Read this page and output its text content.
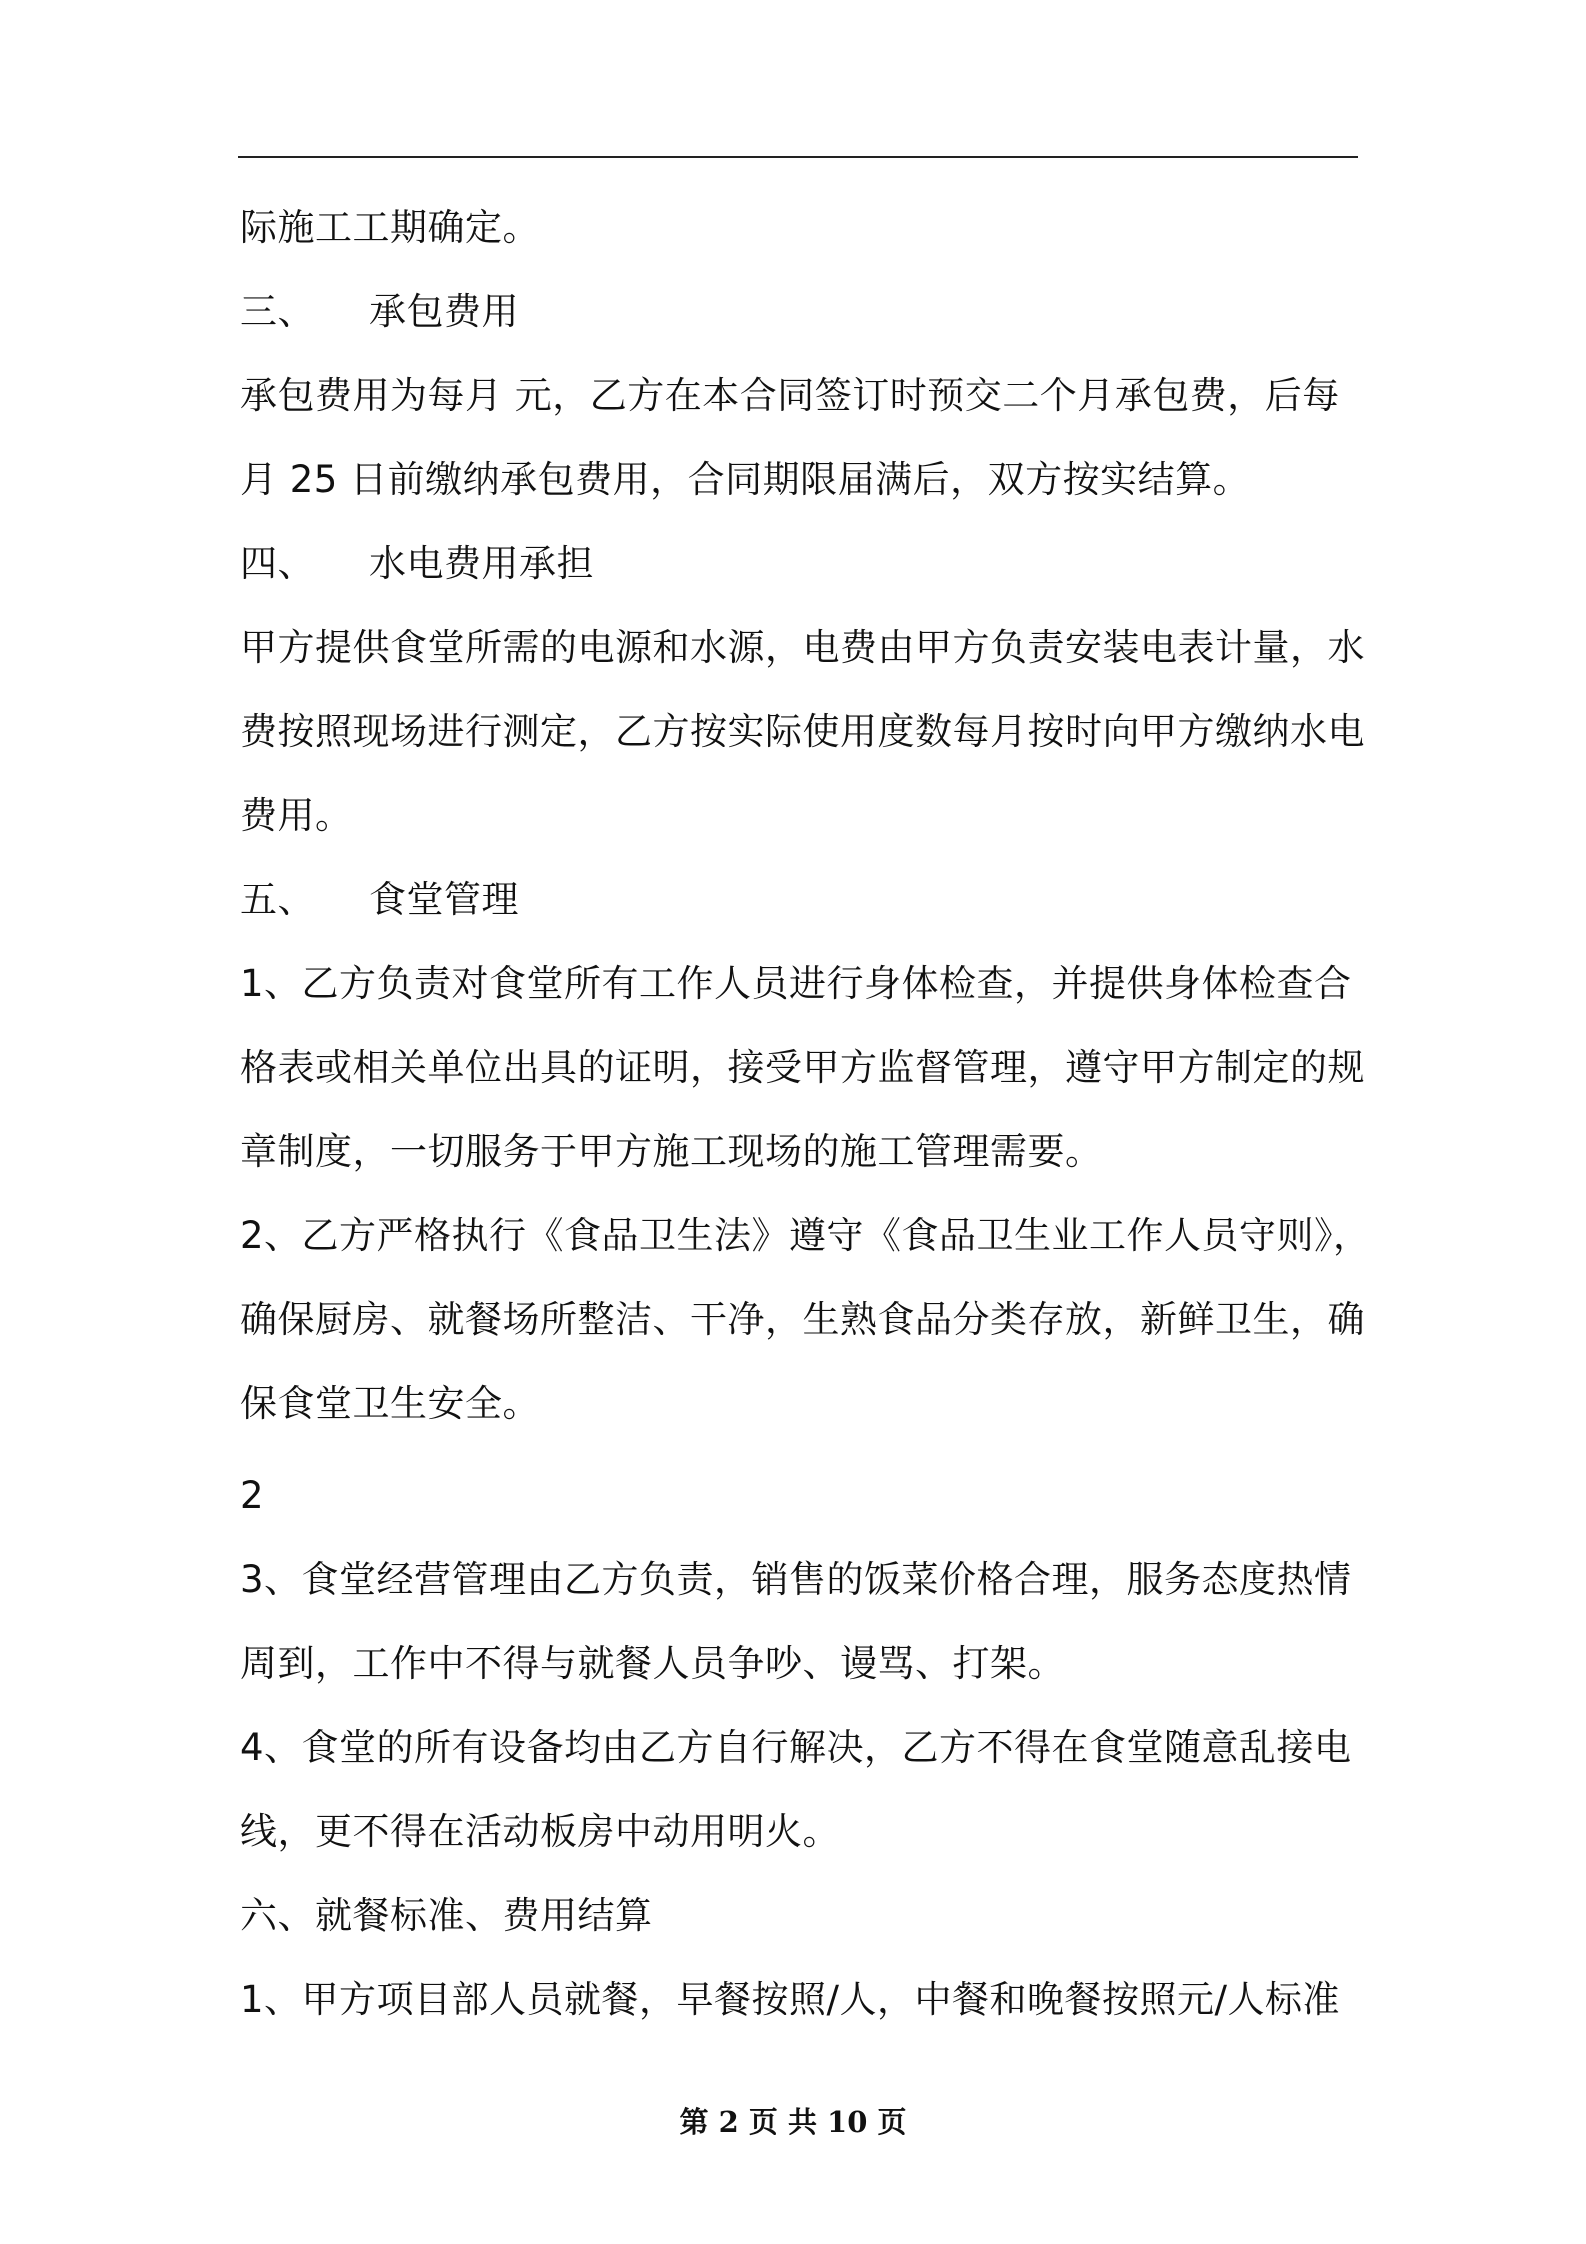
际施工工期确定。
三、 承包费用
承包费用为每月 元，乙方在本合同签订时预交二个月承包费，后每
月 25 日前缴纳承包费用，合同期限届满后，双方按实结算。
四、 水电费用承担
甲方提供食堂所需的电源和水源，电费由甲方负责安装电表计量，水
费按照现场进行测定，乙方按实际使用度数每月按时向甲方缴纳水电
费用。
五、 食堂管理
1、乙方负责对食堂所有工作人员进行身体检查，并提供身体检查合
格表或相关单位出具的证明，接受甲方监督管理，遵守甲方制定的规
章制度，一切服务于甲方施工现场的施工管理需要。
2、乙方严格执行《食品卫生法》遵守《食品卫生业工作人员守则》，
确保厨房、就餐场所整洁、干净，生熟食品分类存放，新鲜卫生，确
保食堂卫生安全。
2
3、食堂经营管理由乙方负责，销售的饭菜价格合理，服务态度热情
周到，工作中不得与就餐人员争吵、谩骂、打架。
4、食堂的所有设备均由乙方自行解决，乙方不得在食堂随意乱接电
线，更不得在活动板房中动用明火。
六、就餐标准、费用结算
1、甲方项目部人员就餐，早餐按照/人，中餐和晚餐按照元/人标准
第 2 页 共 10 页
